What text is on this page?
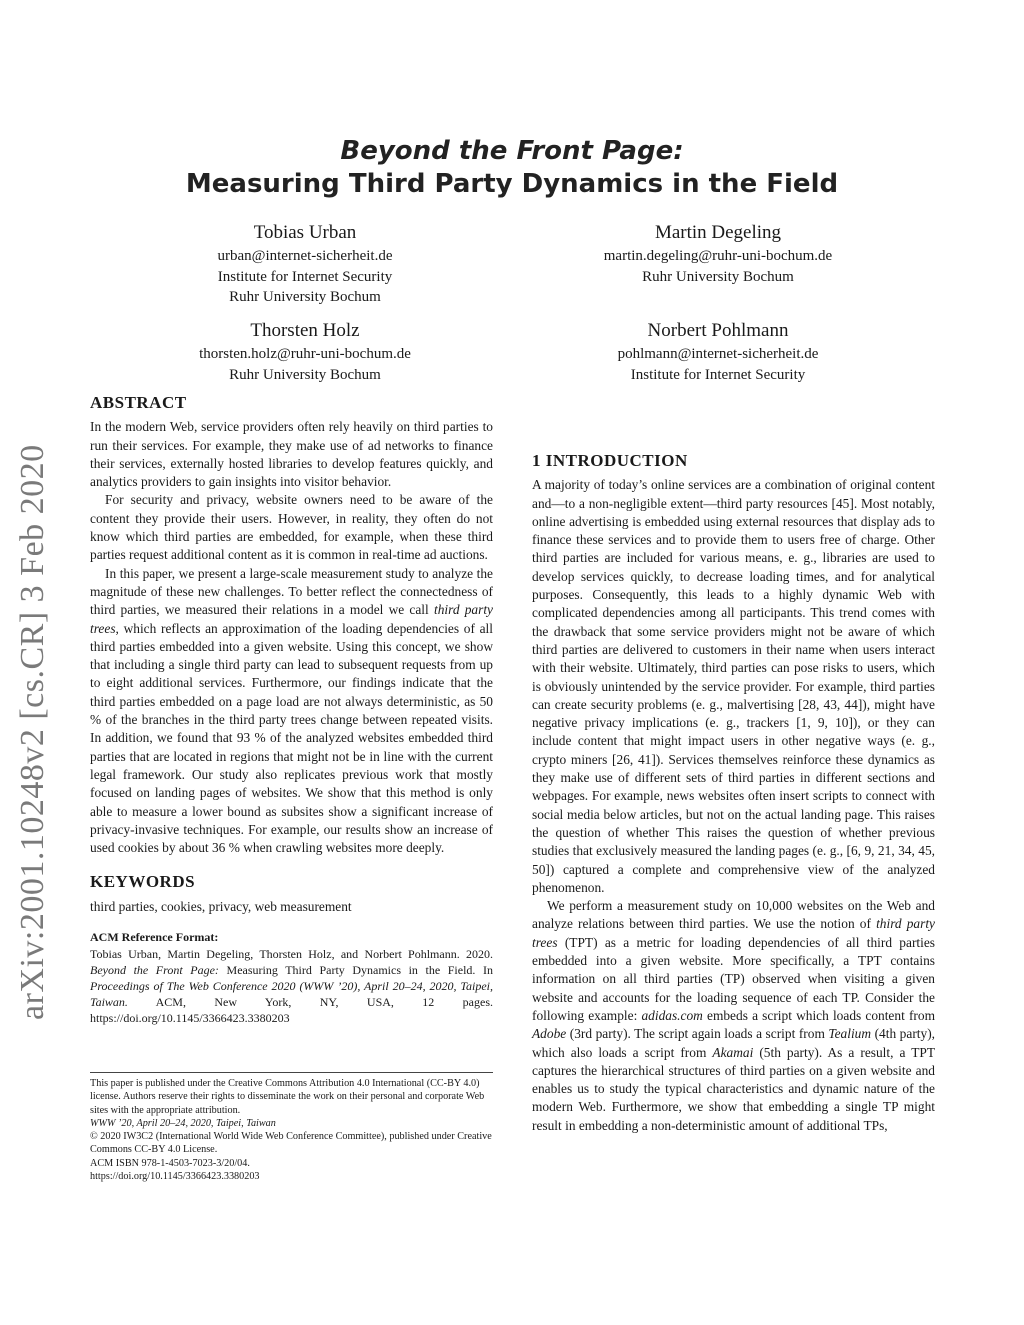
arXiv:2001.10248v2 [cs.CR] 3 Feb 2020
Beyond the Front Page:
Measuring Third Party Dynamics in the Field
Tobias Urban
urban@internet-sicherheit.de
Institute for Internet Security
Ruhr University Bochum
Martin Degeling
martin.degeling@ruhr-uni-bochum.de
Ruhr University Bochum
Thorsten Holz
thorsten.holz@ruhr-uni-bochum.de
Ruhr University Bochum
Norbert Pohlmann
pohlmann@internet-sicherheit.de
Institute for Internet Security
ABSTRACT

In the modern Web, service providers often rely heavily on third parties to run their services. For example, they make use of ad networks to finance their services, externally hosted libraries to develop features quickly, and analytics providers to gain insights into visitor behavior.

For security and privacy, website owners need to be aware of the content they provide their users. However, in reality, they often do not know which third parties are embedded, for example, when these third parties request additional content as it is common in real-time ad auctions.

In this paper, we present a large-scale measurement study to analyze the magnitude of these new challenges. To better reflect the connectedness of third parties, we measured their relations in a model we call third party trees, which reflects an approximation of the loading dependencies of all third parties embedded into a given website. Using this concept, we show that including a single third party can lead to subsequent requests from up to eight additional services. Furthermore, our findings indicate that the third parties embedded on a page load are not always deterministic, as 50 % of the branches in the third party trees change between repeated visits. In addition, we found that 93 % of the analyzed websites embedded third parties that are located in regions that might not be in line with the current legal framework. Our study also replicates previous work that mostly focused on landing pages of websites. We show that this method is only able to measure a lower bound as subsites show a significant increase of privacy-invasive techniques. For example, our results show an increase of used cookies by about 36 % when crawling websites more deeply.

KEYWORDS

third parties, cookies, privacy, web measurement

ACM Reference Format:

Tobias Urban, Martin Degeling, Thorsten Holz, and Norbert Pohlmann. 2020. Beyond the Front Page: Measuring Third Party Dynamics in the Field. In Proceedings of The Web Conference 2020 (WWW ’20), April 20–24, 2020, Taipei, Taiwan. ACM, New York, NY, USA, 12 pages. https://doi.org/10.1145/3366423.3380203

This paper is published under the Creative Commons Attribution 4.0 International (CC-BY 4.0) license. Authors reserve their rights to disseminate the work on their personal and corporate Web sites with the appropriate attribution.
WWW ’20, April 20–24, 2020, Taipei, Taiwan
© 2020 IW3C2 (International World Wide Web Conference Committee), published under Creative Commons CC-BY 4.0 License.
ACM ISBN 978-1-4503-7023-3/20/04.
https://doi.org/10.1145/3366423.3380203
1 INTRODUCTION

A majority of today’s online services are a combination of original content and—to a non-negligible extent—third party resources [45]. Most notably, online advertising is embedded using external resources that display ads to finance these services and to provide them to users free of charge. Other third parties are included for various means, e. g., libraries are used to develop services quickly, to decrease loading times, and for analytical purposes. Consequently, this leads to a highly dynamic Web with complicated dependencies among all participants. This trend comes with the drawback that some service providers might not be aware of which third parties are delivered to customers in their name when users interact with their website. Ultimately, third parties can pose risks to users, which is obviously unintended by the service provider. For example, third parties can create security problems (e. g., malvertising [28, 43, 44]), might have negative privacy implications (e. g., trackers [1, 9, 10]), or they can include content that might impact users in other negative ways (e. g., crypto miners [26, 41]). Services themselves reinforce these dynamics as they make use of different sets of third parties in different sections and webpages. For example, news websites often insert scripts to connect with social media below articles, but not on the actual landing page. This raises the question of whether This raises the question of whether previous studies that exclusively measured the landing pages (e. g., [6, 9, 21, 34, 45, 50]) captured a complete and comprehensive view of the analyzed phenomenon.

We perform a measurement study on 10,000 websites on the Web and analyze relations between third parties. We use the notion of third party trees (TPT) as a metric for loading dependencies of all third parties embedded into a given website. More specifically, a TPT contains information on all third parties (TP) observed when visiting a given website and accounts for the loading sequence of each TP. Consider the following example: adidas.com embeds a script which loads content from Adobe (3rd party). The script again loads a script from Tealium (4th party), which also loads a script from Akamai (5th party). As a result, a TPT captures the hierarchical structures of third parties on a given website and enables us to study the typical characteristics and dynamic nature of the modern Web. Furthermore, we show that embedding a single TP might result in embedding a non-deterministic amount of additional TPs,
